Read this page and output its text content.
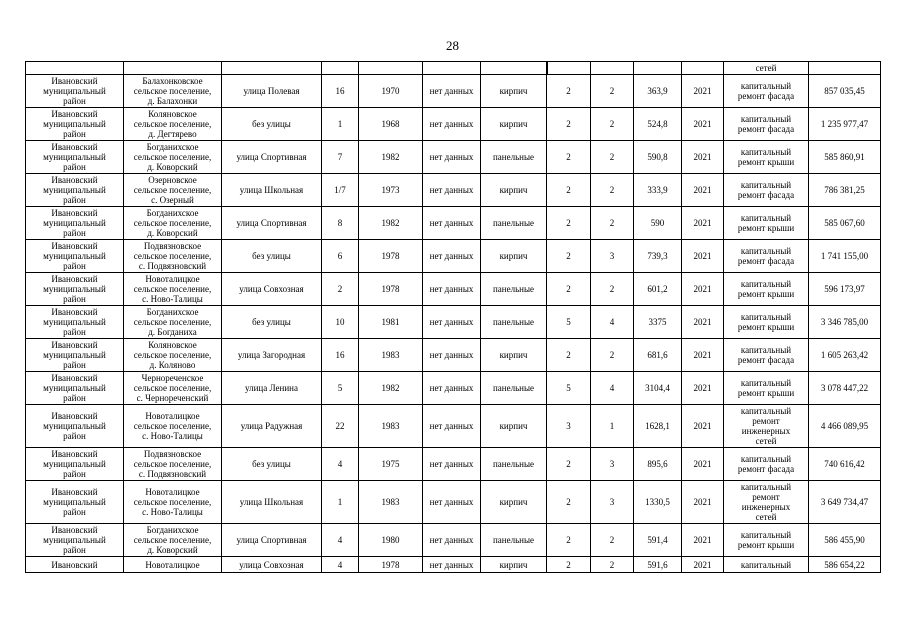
28

												сетей	

Ивановский
муниципальный
район	Балахонковское
сельское поселение,
д. Балахонки	улица Полевая	16	1970	нет данных	кирпич	2	2	363,9	2021	капитальный
ремонт фасада	857 035,45

Ивановский
муниципальный
район	Коляновское
сельское поселение,
д. Дегтярево	без улицы	1	1968	нет данных	кирпич	2	2	524,8	2021	капитальный
ремонт фасада	1 235 977,47

Ивановский
муниципальный
район	Богданихское
сельское поселение,
д. Коворский	улица Спортивная	7	1982	нет данных	панельные	2	2	590,8	2021	капитальный
ремонт крыши	585 860,91

Ивановский
муниципальный
район	Озерновское
сельское поселение,
с. Озерный	улица Школьная	1/7	1973	нет данных	кирпич	2	2	333,9	2021	капитальный
ремонт фасада	786 381,25

Ивановский
муниципальный
район	Богданихское
сельское поселение,
д. Коворский	улица Спортивная	8	1982	нет данных	панельные	2	2	590	2021	капитальный
ремонт крыши	585 067,60

Ивановский
муниципальный
район	Подвязновское
сельское поселение,
с. Подвязновский	без улицы	6	1978	нет данных	кирпич	2	3	739,3	2021	капитальный
ремонт фасада	1 741 155,00

Ивановский
муниципальный
район	Новоталицкое
сельское поселение,
с. Ново-Талицы	улица Совхозная	2	1978	нет данных	панельные	2	2	601,2	2021	капитальный
ремонт крыши	596 173,97

Ивановский
муниципальный
район	Богданихское
сельское поселение,
д. Богданиха	без улицы	10	1981	нет данных	панельные	5	4	3375	2021	капитальный
ремонт крыши	3 346 785,00

Ивановский
муниципальный
район	Коляновское
сельское поселение,
д. Коляново	улица Загородная	16	1983	нет данных	кирпич	2	2	681,6	2021	капитальный
ремонт фасада	1 605 263,42

Ивановский
муниципальный
район	Чернореченское
сельское поселение,
с. Чернореченский	улица Ленина	5	1982	нет данных	панельные	5	4	3104,4	2021	капитальный
ремонт крыши	3 078 447,22

Ивановский
муниципальный
район	Новоталицкое
сельское поселение,
с. Ново-Талицы	улица Радужная	22	1983	нет данных	кирпич	3	1	1628,1	2021	капитальный
ремонт
инженерных
сетей	4 466 089,95

Ивановский
муниципальный
район	Подвязновское
сельское поселение,
с. Подвязновский	без улицы	4	1975	нет данных	панельные	2	3	895,6	2021	капитальный
ремонт фасада	740 616,42

Ивановский
муниципальный
район	Новоталицкое
сельское поселение,
с. Ново-Талицы	улица Школьная	1	1983	нет данных	кирпич	2	3	1330,5	2021	капитальный
ремонт
инженерных
сетей	3 649 734,47

Ивановский
муниципальный
район	Богданихское
сельское поселение,
д. Коворский	улица Спортивная	4	1980	нет данных	панельные	2	2	591,4	2021	капитальный
ремонт крыши	586 455,90

Ивановский	Новоталицкое	улица Совхозная	4	1978	нет данных	кирпич	2	2	591,6	2021	капитальный	586 654,22
